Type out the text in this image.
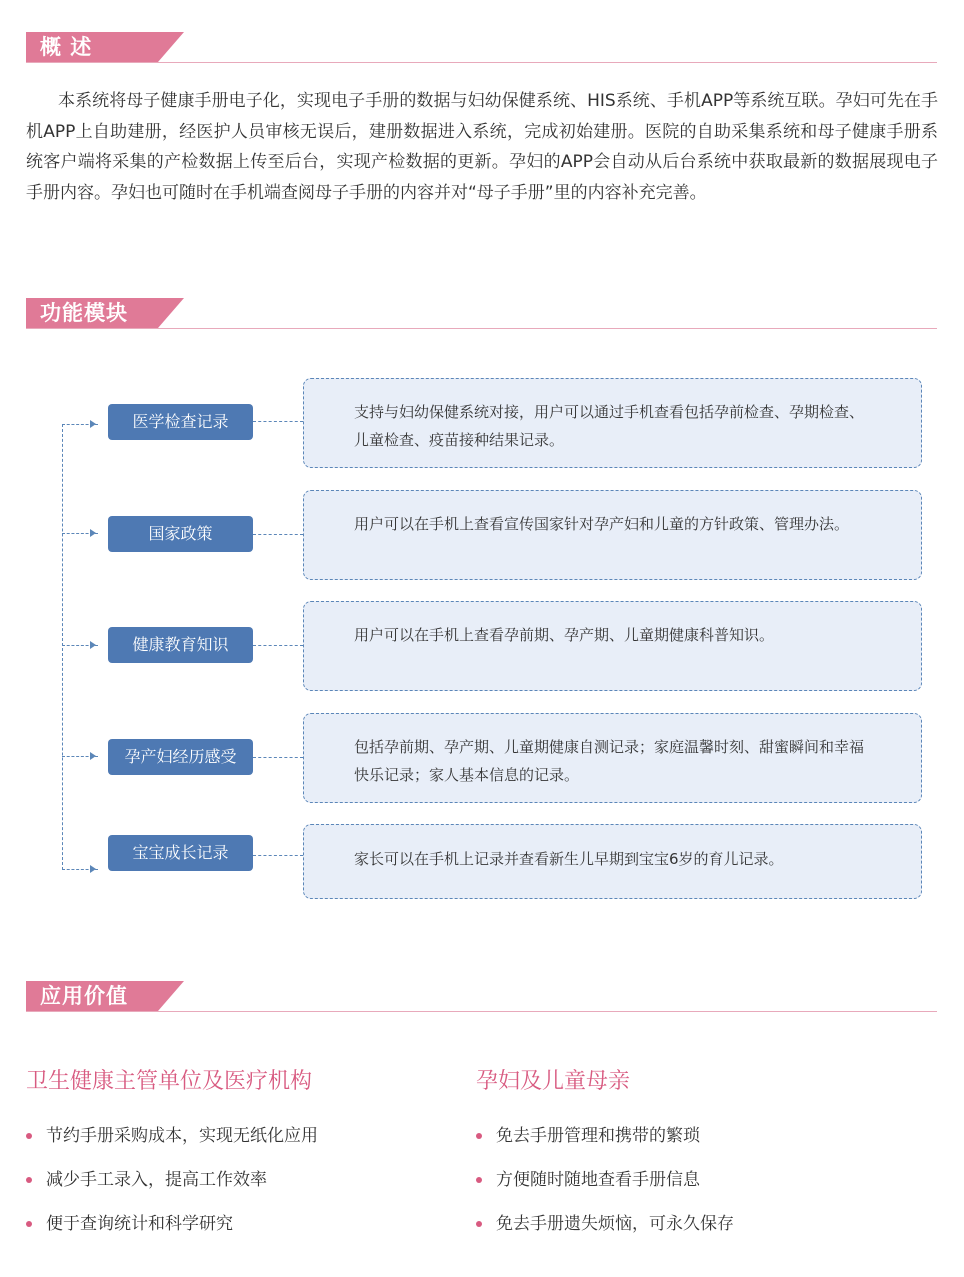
概 述

本系统将母子健康手册电子化，实现电子手册的数据与妇幼保健系统、HIS系统、手机APP等系统互联。孕妇可先在手机APP上自助建册，经医护人员审核无误后，建册数据进入系统，完成初始建册。医院的自助采集系统和母子健康手册系统客户端将采集的产检数据上传至后台，实现产检数据的更新。孕妇的APP会自动从后台系统中获取最新的数据展现电子手册内容。孕妇也可随时在手机端查阅母子手册的内容并对“母子手册”里的内容补充完善。

功能模块
医学检查记录	支持与妇幼保健系统对接，用户可以通过手机查看包括孕前检查、孕期检查、儿童检查、疫苗接种结果记录。
国家政策	用户可以在手机上查看宣传国家针对孕产妇和儿童的方针政策、管理办法。
健康教育知识	用户可以在手机上查看孕前期、孕产期、儿童期健康科普知识。
孕产妇经历感受	包括孕前期、孕产期、儿童期健康自测记录；家庭温馨时刻、甜蜜瞬间和幸福快乐记录；家人基本信息的记录。
宝宝成长记录	家长可以在手机上记录并查看新生儿早期到宝宝6岁的育儿记录。
应用价值
卫生健康主管单位及医疗机构
节约手册采购成本，实现无纸化应用
减少手工录入，提高工作效率
便于查询统计和科学研究
孕妇及儿童母亲
免去手册管理和携带的繁琐
方便随时随地查看手册信息
免去手册遗失烦恼，可永久保存
